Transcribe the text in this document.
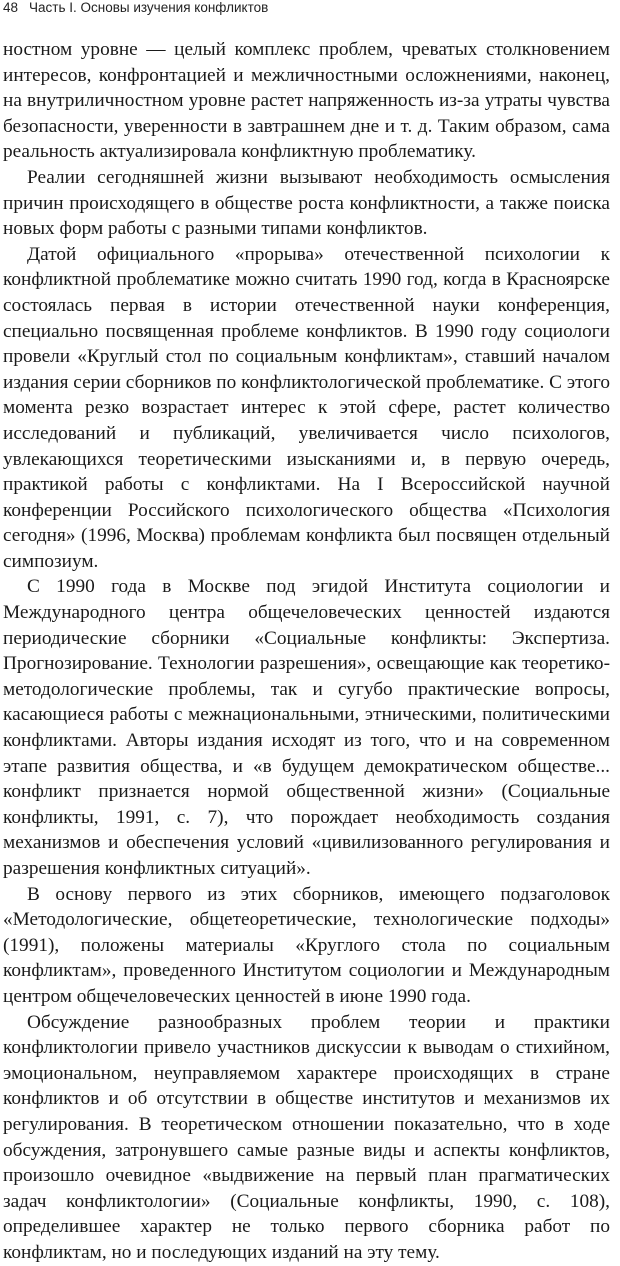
48 Часть I. Основы изучения конфликтов

ностном уровне — целый комплекс проблем, чреватых столкновением интересов, конфронтацией и межличностными осложнениями, наконец, на внутриличностном уровне растет напряженность из-за утраты чувства безопасности, уверенности в завтрашнем дне и т. д. Таким образом, сама реальность актуализировала конфликтную проблематику.

Реалии сегодняшней жизни вызывают необходимость осмысления причин происходящего в обществе роста конфликтности, а также поиска новых форм работы с разными типами конфликтов.

Датой официального «прорыва» отечественной психологии к конфликтной проблематике можно считать 1990 год, когда в Красноярске состоялась первая в истории отечественной науки конференция, специально посвященная проблеме конфликтов. В 1990 году социологи провели «Круглый стол по социальным конфликтам», ставший началом издания серии сборников по конфликтологической проблематике. С этого момента резко возрастает интерес к этой сфере, растет количество исследований и публикаций, увеличивается число психологов, увлекающихся теоретическими изысканиями и, в первую очередь, практикой работы с конфликтами. На I Всероссийской научной конференции Российского психологического общества «Психология сегодня» (1996, Москва) проблемам конфликта был посвящен отдельный симпозиум.

С 1990 года в Москве под эгидой Института социологии и Международного центра общечеловеческих ценностей издаются периодические сборники «Социальные конфликты: Экспертиза. Прогнозирование. Технологии разрешения», освещающие как теоретико-методологические проблемы, так и сугубо практические вопросы, касающиеся работы с межнациональными, этническими, политическими конфликтами. Авторы издания исходят из того, что и на современном этапе развития общества, и «в будущем демократическом обществе... конфликт признается нормой общественной жизни» (Социальные конфликты, 1991, с. 7), что порождает необходимость создания механизмов и обеспечения условий «цивилизованного регулирования и разрешения конфликтных ситуаций».

В основу первого из этих сборников, имеющего подзаголовок «Методологические, общетеоретические, технологические подходы» (1991), положены материалы «Круглого стола по социальным конфликтам», проведенного Институтом социологии и Международным центром общечеловеческих ценностей в июне 1990 года.

Обсуждение разнообразных проблем теории и практики конфликтологии привело участников дискуссии к выводам о стихийном, эмоциональном, неуправляемом характере происходящих в стране конфликтов и об отсутствии в обществе институтов и механизмов их регулирования. В теоретическом отношении показательно, что в ходе обсуждения, затронувшего самые разные виды и аспекты конфликтов, произошло очевидное «выдвижение на первый план прагматических задач конфликтологии» (Социальные конфликты, 1990, с. 108), определившее характер не только первого сборника работ по конфликтам, но и последующих изданий на эту тему.
